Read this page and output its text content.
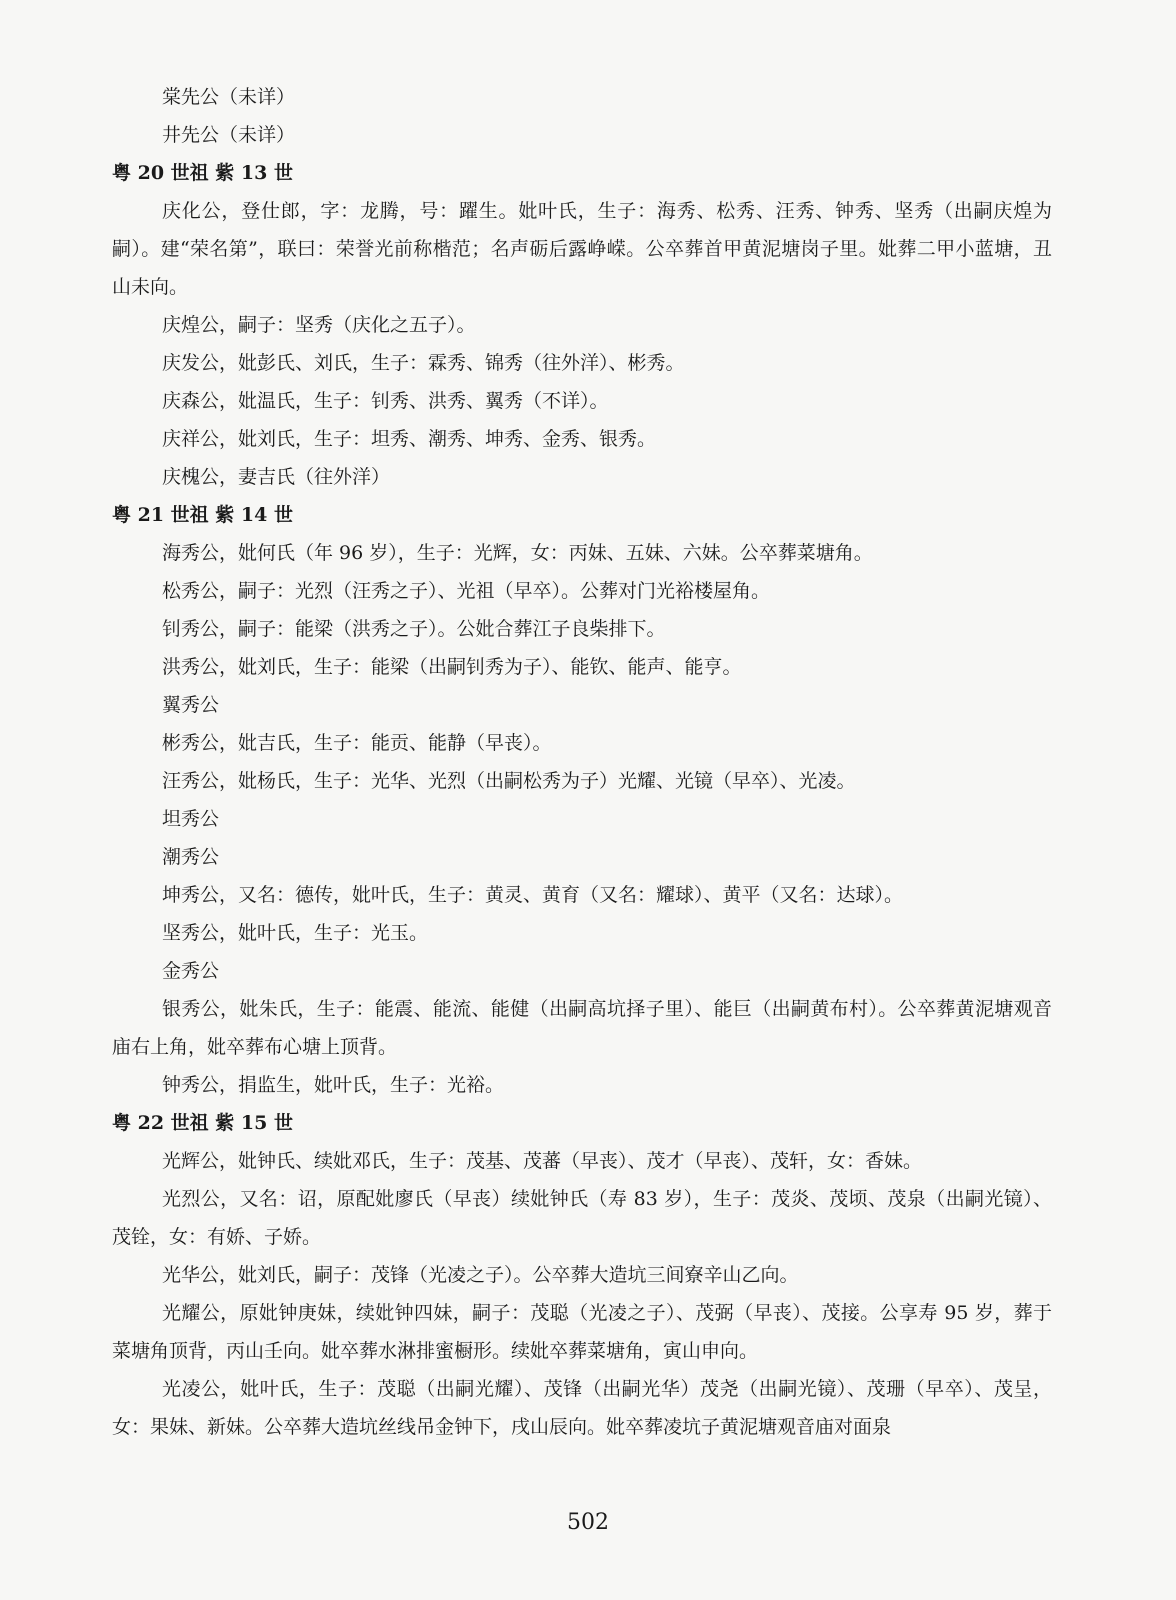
棠先公（未详）

井先公（未详）

粤 20 世祖 紫 13 世

庆化公，登仕郎，字：龙腾，号：躍生。妣叶氏，生子：海秀、松秀、汪秀、钟秀、坚秀（出嗣庆煌为嗣）。建“荣名第”，联曰：荣誉光前称楷范；名声砺后露峥嵘。公卒葬首甲黄泥塘岗子里。妣葬二甲小蓝塘，丑山未向。

庆煌公，嗣子：坚秀（庆化之五子）。

庆发公，妣彭氏、刘氏，生子：霖秀、锦秀（往外洋）、彬秀。

庆森公，妣温氏，生子：钊秀、洪秀、翼秀（不详）。

庆祥公，妣刘氏，生子：坦秀、潮秀、坤秀、金秀、银秀。

庆槐公，妻吉氏（往外洋）

粤 21 世祖 紫 14 世

海秀公，妣何氏（年 96 岁），生子：光辉，女：丙妹、五妹、六妹。公卒葬菜塘角。

松秀公，嗣子：光烈（汪秀之子）、光祖（早卒）。公葬对门光裕楼屋角。

钊秀公，嗣子：能梁（洪秀之子）。公妣合葬江子良柴排下。

洪秀公，妣刘氏，生子：能梁（出嗣钊秀为子）、能钦、能声、能亨。

翼秀公

彬秀公，妣吉氏，生子：能贡、能静（早丧）。

汪秀公，妣杨氏，生子：光华、光烈（出嗣松秀为子）光耀、光镜（早卒）、光凌。

坦秀公

潮秀公

坤秀公，又名：德传，妣叶氏，生子：黄灵、黄育（又名：耀球）、黄平（又名：达球）。

坚秀公，妣叶氏，生子：光玉。

金秀公

银秀公，妣朱氏，生子：能震、能流、能健（出嗣高坑择子里）、能巨（出嗣黄布村）。公卒葬黄泥塘观音庙右上角，妣卒葬布心塘上顶背。

钟秀公，捐监生，妣叶氏，生子：光裕。

粤 22 世祖 紫 15 世

光辉公，妣钟氏、续妣邓氏，生子：茂基、茂蕃（早丧）、茂才（早丧）、茂轩，女：香妹。

光烈公，又名：诏，原配妣廖氏（早丧）续妣钟氏（寿 83 岁），生子：茂炎、茂顷、茂泉（出嗣光镜）、茂铨，女：有娇、子娇。

光华公，妣刘氏，嗣子：茂锋（光凌之子）。公卒葬大造坑三间寮辛山乙向。

光耀公，原妣钟庚妹，续妣钟四妹，嗣子：茂聪（光凌之子）、茂弼（早丧）、茂接。公享寿 95 岁，葬于菜塘角顶背，丙山壬向。妣卒葬水淋排蜜橱形。续妣卒葬菜塘角，寅山申向。

光凌公，妣叶氏，生子：茂聪（出嗣光耀）、茂锋（出嗣光华）茂尧（出嗣光镜）、茂珊（早卒）、茂呈，女：果妹、新妹。公卒葬大造坑丝线吊金钟下，戌山辰向。妣卒葬凌坑子黄泥塘观音庙对面泉

502
